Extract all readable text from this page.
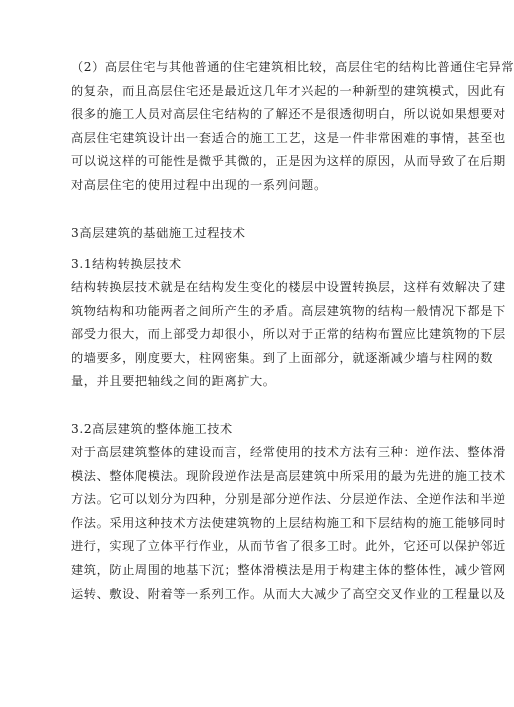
（2）高层住宅与其他普通的住宅建筑相比较，高层住宅的结构比普通住宅异常
的复杂，而且高层住宅还是最近这几年才兴起的一种新型的建筑模式，因此有
很多的施工人员对高层住宅结构的了解还不是很透彻明白，所以说如果想要对
高层住宅建筑设计出一套适合的施工工艺，这是一件非常困难的事情，甚至也
可以说这样的可能性是微乎其微的，正是因为这样的原因，从而导致了在后期
对高层住宅的使用过程中出现的一系列问题。

3高层建筑的基础施工过程技术
3.1结构转换层技术

结构转换层技术就是在结构发生变化的楼层中设置转换层，这样有效解决了建
筑物结构和功能两者之间所产生的矛盾。高层建筑物的结构一般情况下都是下
部受力很大，而上部受力却很小，所以对于正常的结构布置应比建筑物的下层
的墙要多，刚度要大，柱网密集。到了上面部分，就逐渐减少墙与柱网的数
量，并且要把轴线之间的距离扩大。

3.2高层建筑的整体施工技术

对于高层建筑整体的建设而言，经常使用的技术方法有三种：逆作法、整体滑
模法、整体爬模法。现阶段逆作法是高层建筑中所采用的最为先进的施工技术
方法。它可以划分为四种，分别是部分逆作法、分层逆作法、全逆作法和半逆
作法。采用这种技术方法使建筑物的上层结构施工和下层结构的施工能够同时
进行，实现了立体平行作业，从而节省了很多工时。此外，它还可以保护邻近
建筑，防止周围的地基下沉；整体滑模法是用于构建主体的整体性，减少管网
运转、敷设、附着等一系列工作。从而大大减少了高空交叉作业的工程量以及
